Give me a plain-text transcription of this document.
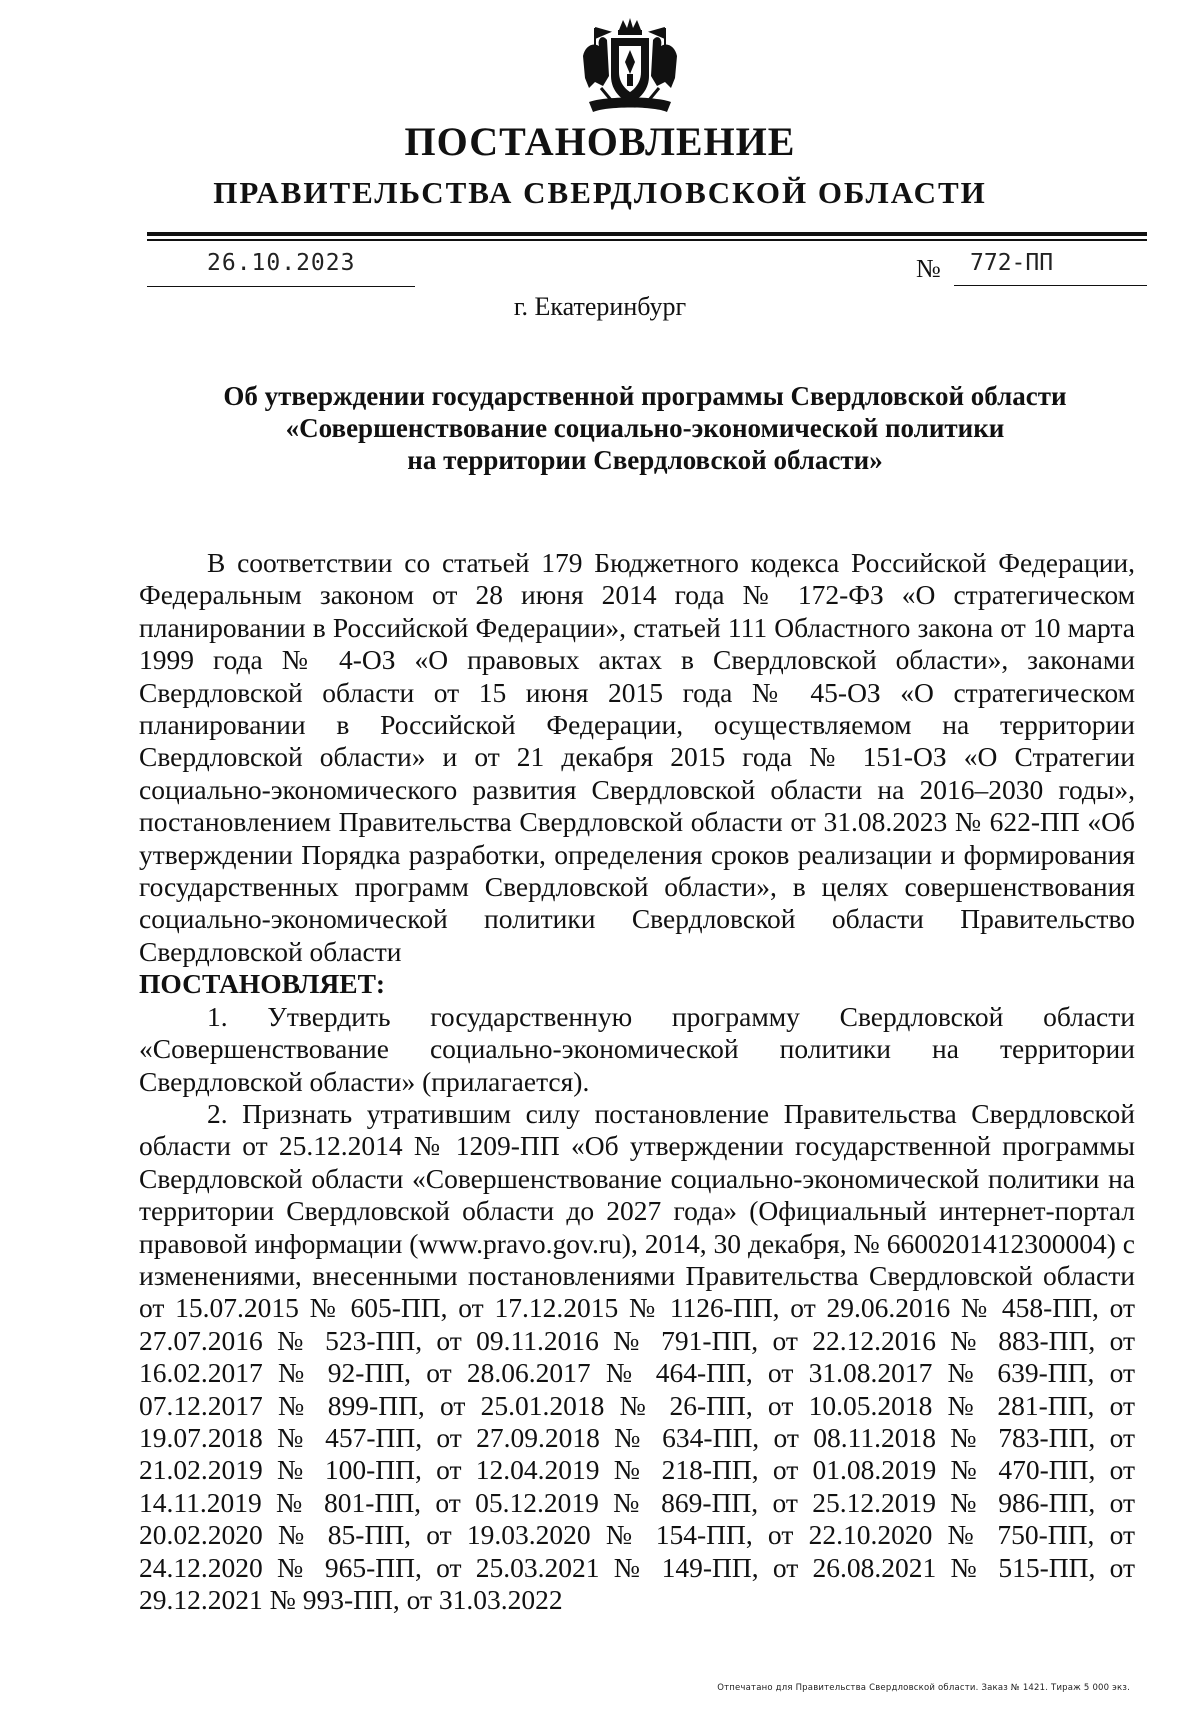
ПОСТАНОВЛЕНИЕ
ПРАВИТЕЛЬСТВА СВЕРДЛОВСКОЙ ОБЛАСТИ
26.10.2023	№ 772-ПП
г. Екатеринбург
Об утверждении государственной программы Свердловской области
«Совершенствование социально-экономической политики
на территории Свердловской области»

В соответствии со статьей 179 Бюджетного кодекса Российской Федерации, Федеральным законом от 28 июня 2014 года № 172-ФЗ «О стратегическом планировании в Российской Федерации», статьей 111 Областного закона от 10 марта 1999 года № 4-ОЗ «О правовых актах в Свердловской области», законами Свердловской области от 15 июня 2015 года № 45-ОЗ «О стратегическом планировании в Российской Федерации, осуществляемом на территории Свердловской области» и от 21 декабря 2015 года № 151-ОЗ «О Стратегии социально-экономического развития Свердловской области на 2016–2030 годы», постановлением Правительства Свердловской области от 31.08.2023 № 622-ПП «Об утверждении Порядка разработки, определения сроков реализации и формирования государственных программ Свердловской области», в целях совершенствования социально-экономической политики Свердловской области Правительство Свердловской области

ПОСТАНОВЛЯЕТ:

1. Утвердить государственную программу Свердловской области «Совершенствование социально-экономической политики на территории Свердловской области» (прилагается).

2. Признать утратившим силу постановление Правительства Свердловской области от 25.12.2014 № 1209-ПП «Об утверждении государственной программы Свердловской области «Совершенствование социально-экономической политики на территории Свердловской области до 2027 года» (Официальный интернет-портал правовой информации (www.pravo.gov.ru), 2014, 30 декабря, № 6600201412300004) с изменениями, внесенными постановлениями Правительства Свердловской области от 15.07.2015 № 605-ПП, от 17.12.2015 № 1126-ПП, от 29.06.2016 № 458-ПП, от 27.07.2016 № 523-ПП, от 09.11.2016 № 791-ПП, от 22.12.2016 № 883-ПП, от 16.02.2017 № 92-ПП, от 28.06.2017 № 464-ПП, от 31.08.2017 № 639-ПП, от 07.12.2017 № 899-ПП, от 25.01.2018 № 26-ПП, от 10.05.2018 № 281-ПП, от 19.07.2018 № 457-ПП, от 27.09.2018 № 634-ПП, от 08.11.2018 № 783-ПП, от 21.02.2019 № 100-ПП, от 12.04.2019 № 218-ПП, от 01.08.2019 № 470-ПП, от 14.11.2019 № 801-ПП, от 05.12.2019 № 869-ПП, от 25.12.2019 № 986-ПП, от 20.02.2020 № 85-ПП, от 19.03.2020 № 154-ПП, от 22.10.2020 № 750-ПП, от 24.12.2020 № 965-ПП, от 25.03.2021 № 149-ПП, от 26.08.2021 № 515-ПП, от 29.12.2021 № 993-ПП, от 31.03.2022

Отпечатано для Правительства Свердловской области. Заказ № 1421. Тираж 5 000 экз.
